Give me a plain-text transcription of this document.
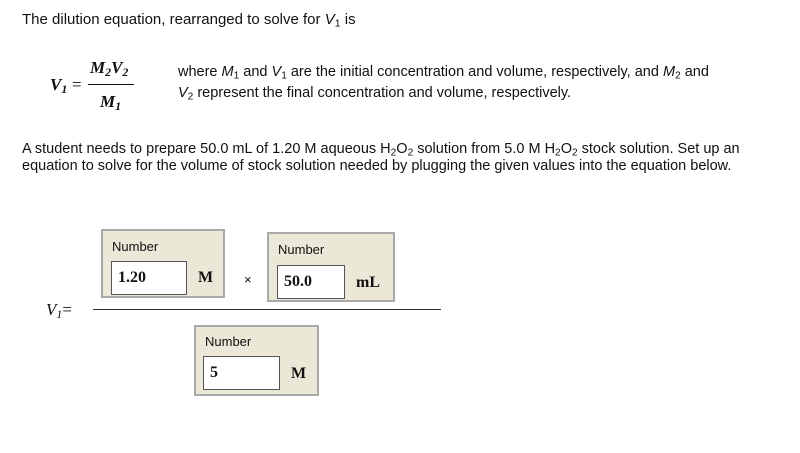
The dilution equation, rearranged to solve for $V_1$ is
$V_1$ =
$M_2V_2$
$M_1$
where $M_1$ and $V_1$ are the initial concentration and volume, respectively, and $M_2$ and
$V_2$ represent the final concentration and volume, respectively.
A student needs to prepare 50.0 mL of 1.20 M aqueous $H_2O_2$ solution from 5.0 M $H_2O_2$ stock solution. Set up an equation to solve for the volume of stock solution needed by plugging the given values into the equation below.
$V_1=$
Number
1.20
M ×
Number
50.0
mL
Number
5
M
